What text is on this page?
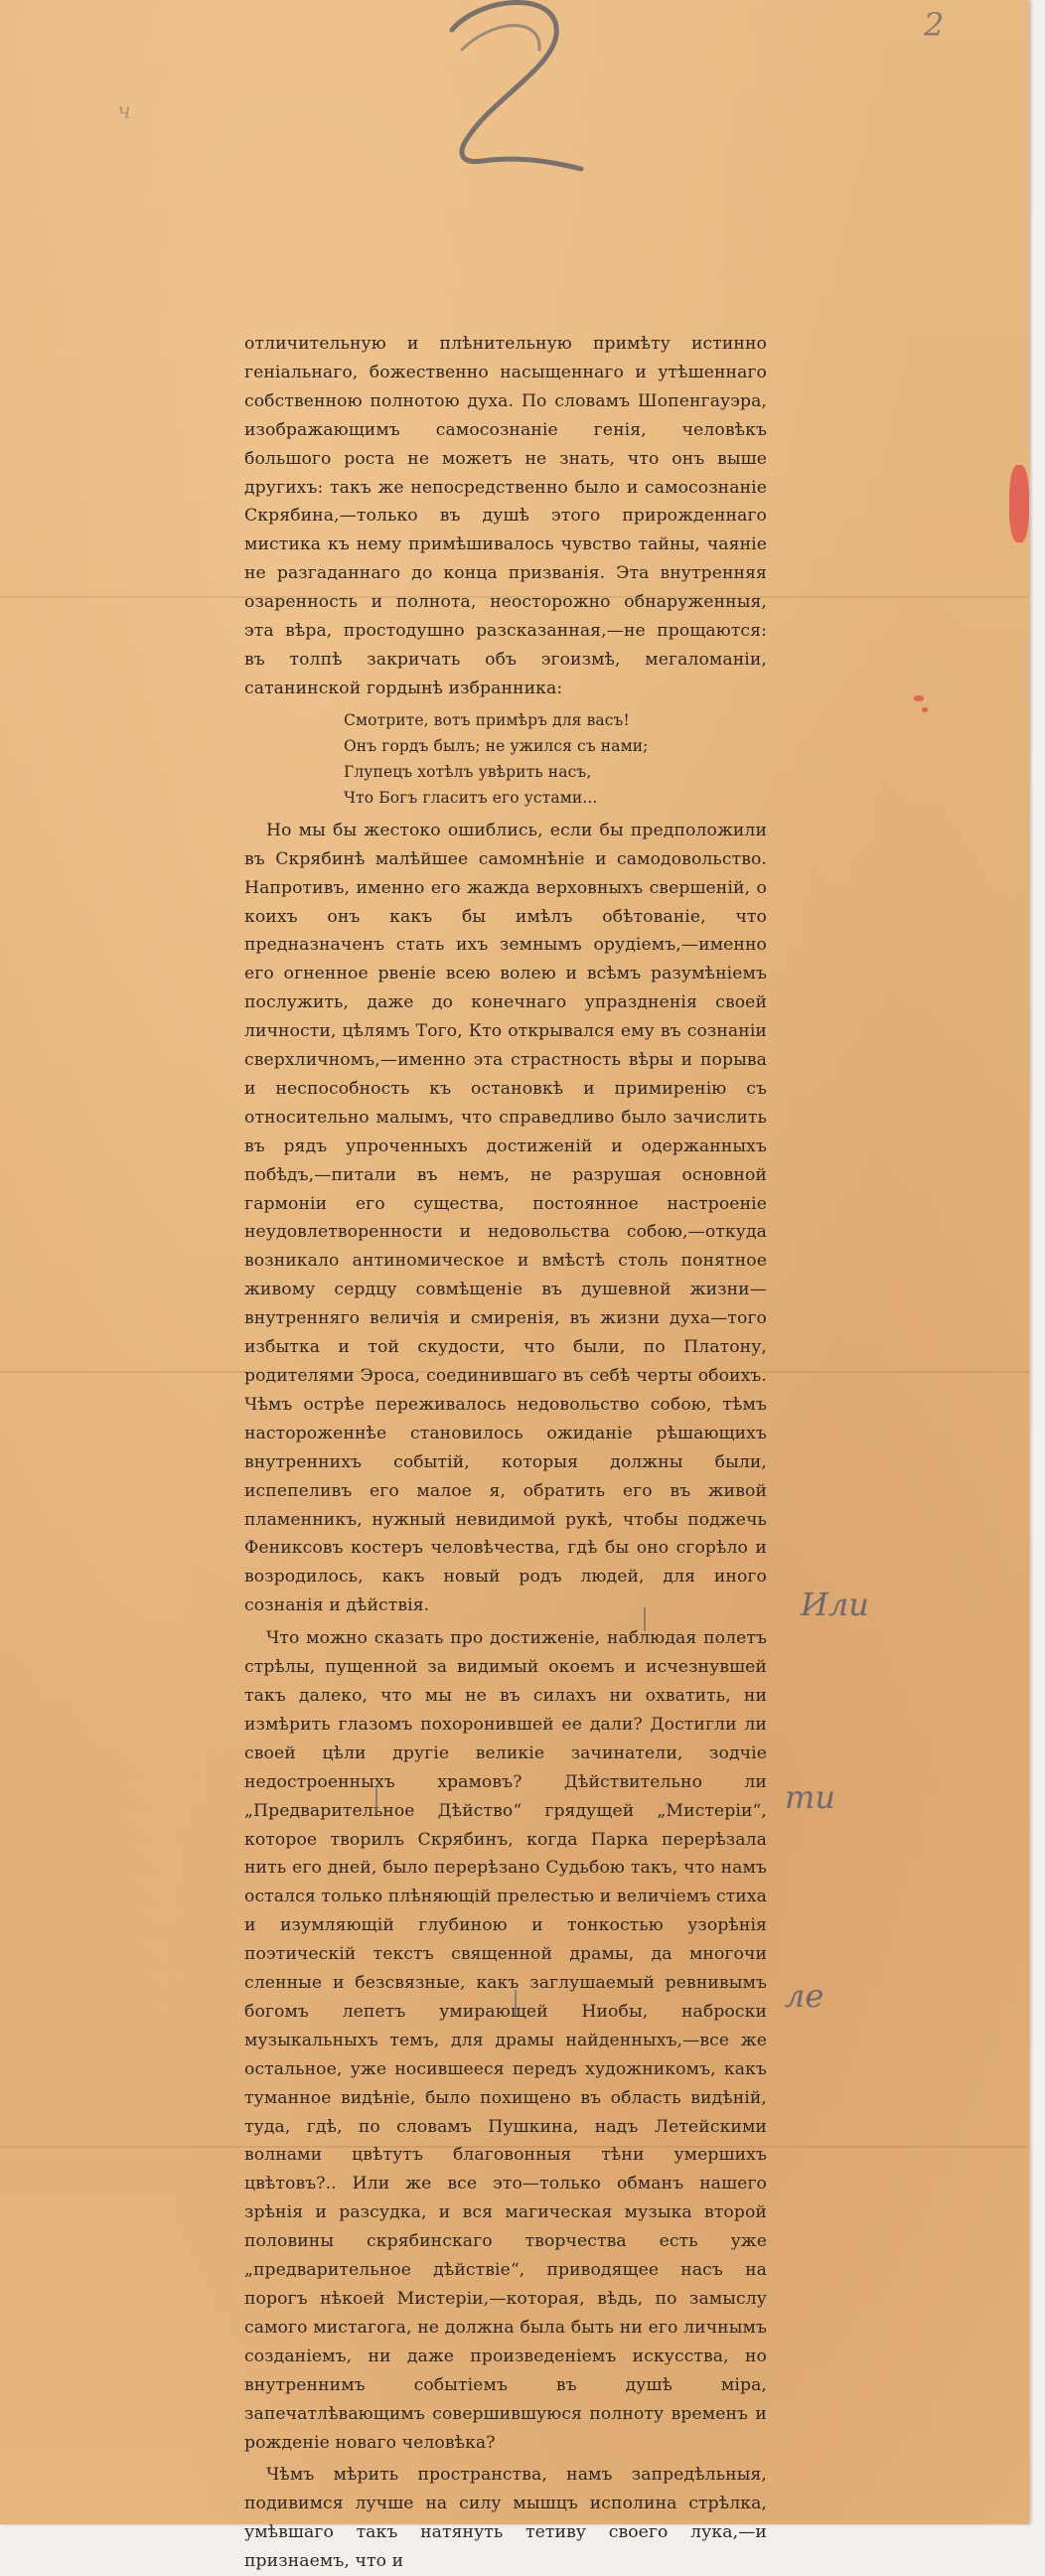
2
ч

отличительную и плѣнительную примѣту истинно генiальнаго, божественно насыщеннаго и утѣшеннаго собственною полнотою духа. По словамъ Шопенгауэра, изображающимъ самосознанiе генiя, человѣкъ большого роста не можетъ не знать, что онъ выше другихъ: такъ же непосредственно было и самосознанiе Скрябина,—только въ душѣ этого прирожденнаго мистика къ нему примѣшивалось чувство тайны, чаянiе не разгаданнаго до конца призванiя. Эта внутренняя озаренность и полнота, неосторожно обнаруженныя, эта вѣра, простодушно разсказанная,—не прощаются: въ толпѣ закричать объ эгоизмѣ, мегаломанiи, сатанинской гордынѣ избранника:

Смотрите, вотъ примѣръ для васъ!
Онъ гордъ былъ; не ужился съ нами;
Глупецъ хотѣлъ увѣрить насъ,
Что Богъ гласитъ его устами...

Но мы бы жестоко ошиблись, если бы предположили въ Скрябинѣ малѣйшее самомнѣнiе и самодовольство. Напротивъ, именно его жажда верховныхъ свершенiй, о коихъ онъ какъ бы имѣлъ обѣтованiе, что предназначенъ стать ихъ земнымъ орудiемъ,—именно его огненное рвенiе всею волею и всѣмъ разумѣнiемъ послужить, даже до конечнаго упраздненiя своей личности, цѣлямъ Того, Кто открывался ему въ сознанiи сверхличномъ,—именно эта страстность вѣры и порыва и неспособность къ остановкѣ и примиренiю съ относительно малымъ, что справедливо было зачислить въ рядъ упроченныхъ достиженiй и одержанныхъ побѣдъ,—питали въ немъ, не разрушая основной гармонiи его существа, постоянное настроенiе неудовлетворенности и недовольства собою,—откуда возникало антиномическое и вмѣстѣ столь понятное живому сердцу совмѣщенiе въ душевной жизни—внутренняго величiя и смиренiя, въ жизни духа—того избытка и той скудости, что были, по Платону, родителями Эроса, соединившаго въ себѣ черты обоихъ. Чѣмъ острѣе переживалось недовольство собою, тѣмъ настороженнѣе становилось ожиданiе рѣшающихъ внутреннихъ событiй, которыя должны были, испепеливъ его малое я, обратить его въ живой пламенникъ, нужный невидимой рукѣ, чтобы поджечь Фениксовъ костеръ человѣчества, гдѣ бы оно сгорѣло и возродилось, какъ новый родъ людей, для иного сознанiя и дѣйствiя.

Что можно сказать про достиженiе, наблюдая полетъ стрѣлы, пущенной за видимый окоемъ и исчезнувшей такъ далеко, что мы не въ силахъ ни охватить, ни измѣрить глазомъ похоронившей ее дали? Достигли ли своей цѣли другiе великiе зачинатели, зодчiе недостроенныхъ храмовъ? Дѣйствительно ли „Предварительное Дѣйство“ грядущей „Мистерiи“, которое творилъ Скрябинъ, когда Парка перерѣзала нить его дней, было перерѣзано Судьбою такъ, что намъ остался только плѣняющiй прелестью и величiемъ стиха и изумляющiй глубиною и тонкостью узорѣнiя поэтическiй текстъ священной драмы, да многочи сленные и безсвязные, какъ заглушаемый ревнивымъ богомъ лепетъ умирающей Ниобы, наброски музыкальныхъ темъ, для драмы найденныхъ,—все же остальное, уже носившееся передъ художникомъ, какъ туманное видѣнiе, было похищено въ область видѣнiй, туда, гдѣ, по словамъ Пушкина, надъ Летейскими волнами цвѣтутъ благовонныя тѣни умершихъ цвѣтовъ?.. Или же все это—только обманъ нашего зрѣнiя и разсудка, и вся магическая музыка второй половины скрябинскаго творчества есть уже „предварительное дѣйствiе“, приводящее насъ на порогъ нѣкоей Мистерiи,—которая, вѣдь, по замыслу самого мистагога, не должна была быть ни его личнымъ созданiемъ, ни даже произведенiемъ искусства, но внутреннимъ событiемъ въ душѣ мiра, запечатлѣвающимъ совершившуюся полноту временъ и рожденiе новаго человѣка?

Чѣмъ мѣрить пространства, намъ запредѣльныя, подивимся лучше на силу мышцъ исполина стрѣлка, умѣвшаго такъ натянуть тетиву своего лука,—и признаемъ, что и

Или
ти
ле
